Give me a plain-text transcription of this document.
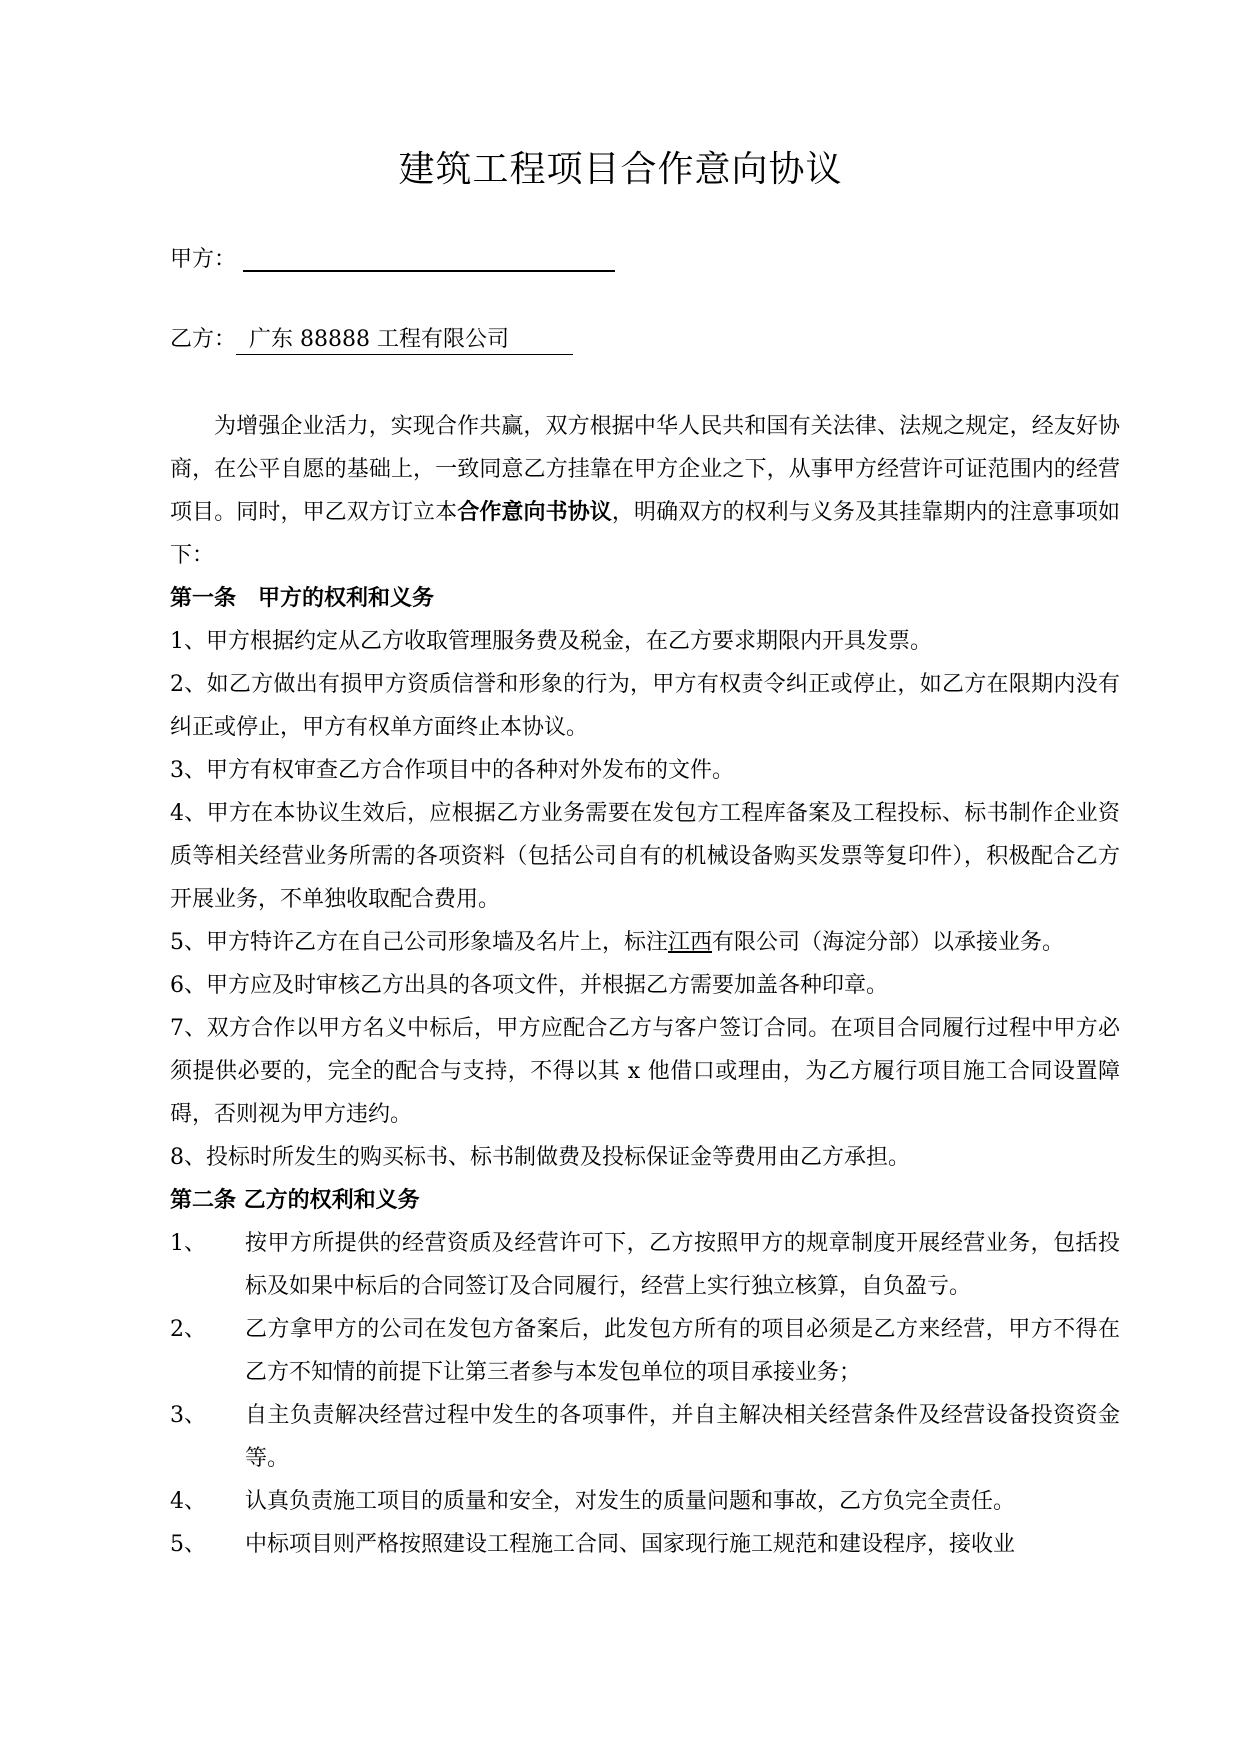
建筑工程项目合作意向协议
甲方：
乙方： 广东 88888 工程有限公司

为增强企业活力，实现合作共赢，双方根据中华人民共和国有关法律、法规之规定，经友好协商，在公平自愿的基础上，一致同意乙方挂靠在甲方企业之下，从事甲方经营许可证范围内的经营项目。同时，甲乙双方订立本合作意向书协议，明确双方的权利与义务及其挂靠期内的注意事项如下：

第一条　甲方的权利和义务

1、甲方根据约定从乙方收取管理服务费及税金，在乙方要求期限内开具发票。

2、如乙方做出有损甲方资质信誉和形象的行为，甲方有权责令纠正或停止，如乙方在限期内没有纠正或停止，甲方有权单方面终止本协议。

3、甲方有权审查乙方合作项目中的各种对外发布的文件。

4、甲方在本协议生效后，应根据乙方业务需要在发包方工程库备案及工程投标、标书制作企业资质等相关经营业务所需的各项资料（包括公司自有的机械设备购买发票等复印件），积极配合乙方开展业务，不单独收取配合费用。

5、甲方特许乙方在自己公司形象墙及名片上，标注江西有限公司（海淀分部）以承接业务。

6、甲方应及时审核乙方出具的各项文件，并根据乙方需要加盖各种印章。

7、双方合作以甲方名义中标后，甲方应配合乙方与客户签订合同。在项目合同履行过程中甲方必须提供必要的，完全的配合与支持，不得以其 x 他借口或理由，为乙方履行项目施工合同设置障碍，否则视为甲方违约。

8、投标时所发生的购买标书、标书制做费及投标保证金等费用由乙方承担。

第二条 乙方的权利和义务

1、 按甲方所提供的经营资质及经营许可下，乙方按照甲方的规章制度开展经营业务，包括投标及如果中标后的合同签订及合同履行，经营上实行独立核算，自负盈亏。
2、 乙方拿甲方的公司在发包方备案后，此发包方所有的项目必须是乙方来经营，甲方不得在乙方不知情的前提下让第三者参与本发包单位的项目承接业务；
3、 自主负责解决经营过程中发生的各项事件，并自主解决相关经营条件及经营设备投资资金等。
4、 认真负责施工项目的质量和安全，对发生的质量问题和事故，乙方负完全责任。
5、 中标项目则严格按照建设工程施工合同、国家现行施工规范和建设程序，接收业
